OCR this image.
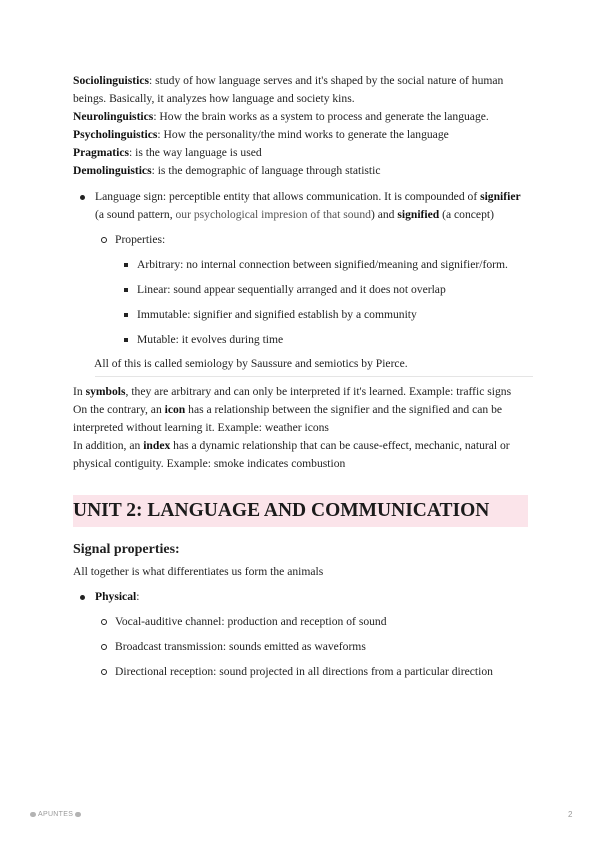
Sociolinguistics: study of how language serves and it's shaped by the social nature of human beings. Basically, it analyzes how language and society kins.

Neurolinguistics: How the brain works as a system to process and generate the language.

Psycholinguistics: How the personality/the mind works to generate the language

Pragmatics: is the way language is used

Demolinguistics: is the demographic of language through statistic

Language sign: perceptible entity that allows communication. It is compounded of signifier (a sound pattern, our psychological impresion of that sound) and signified (a concept)
Properties:
Arbitrary: no internal connection between signified/meaning and signifier/form.
Linear: sound appear sequentially arranged and it does not overlap
Immutable: signifier and signified establish by a community
Mutable: it evolves during time
All of this is called semiology by Saussure and semiotics by Pierce.

In symbols, they are arbitrary and can only be interpreted if it's learned. Example: traffic signs

On the contrary, an icon has a relationship between the signifier and the signified and can be interpreted without learning it. Example: weather icons

In addition, an index has a dynamic relationship that can be cause-effect, mechanic, natural or physical contiguity. Example: smoke indicates combustion

UNIT 2: LANGUAGE AND COMMUNICATION
Signal properties:

All together is what differentiates us form the animals

Physical:
Vocal-auditive channel: production and reception of sound
Broadcast transmission: sounds emitted as waveforms
Directional reception: sound projected in all directions from a particular direction
APUNTES	2
